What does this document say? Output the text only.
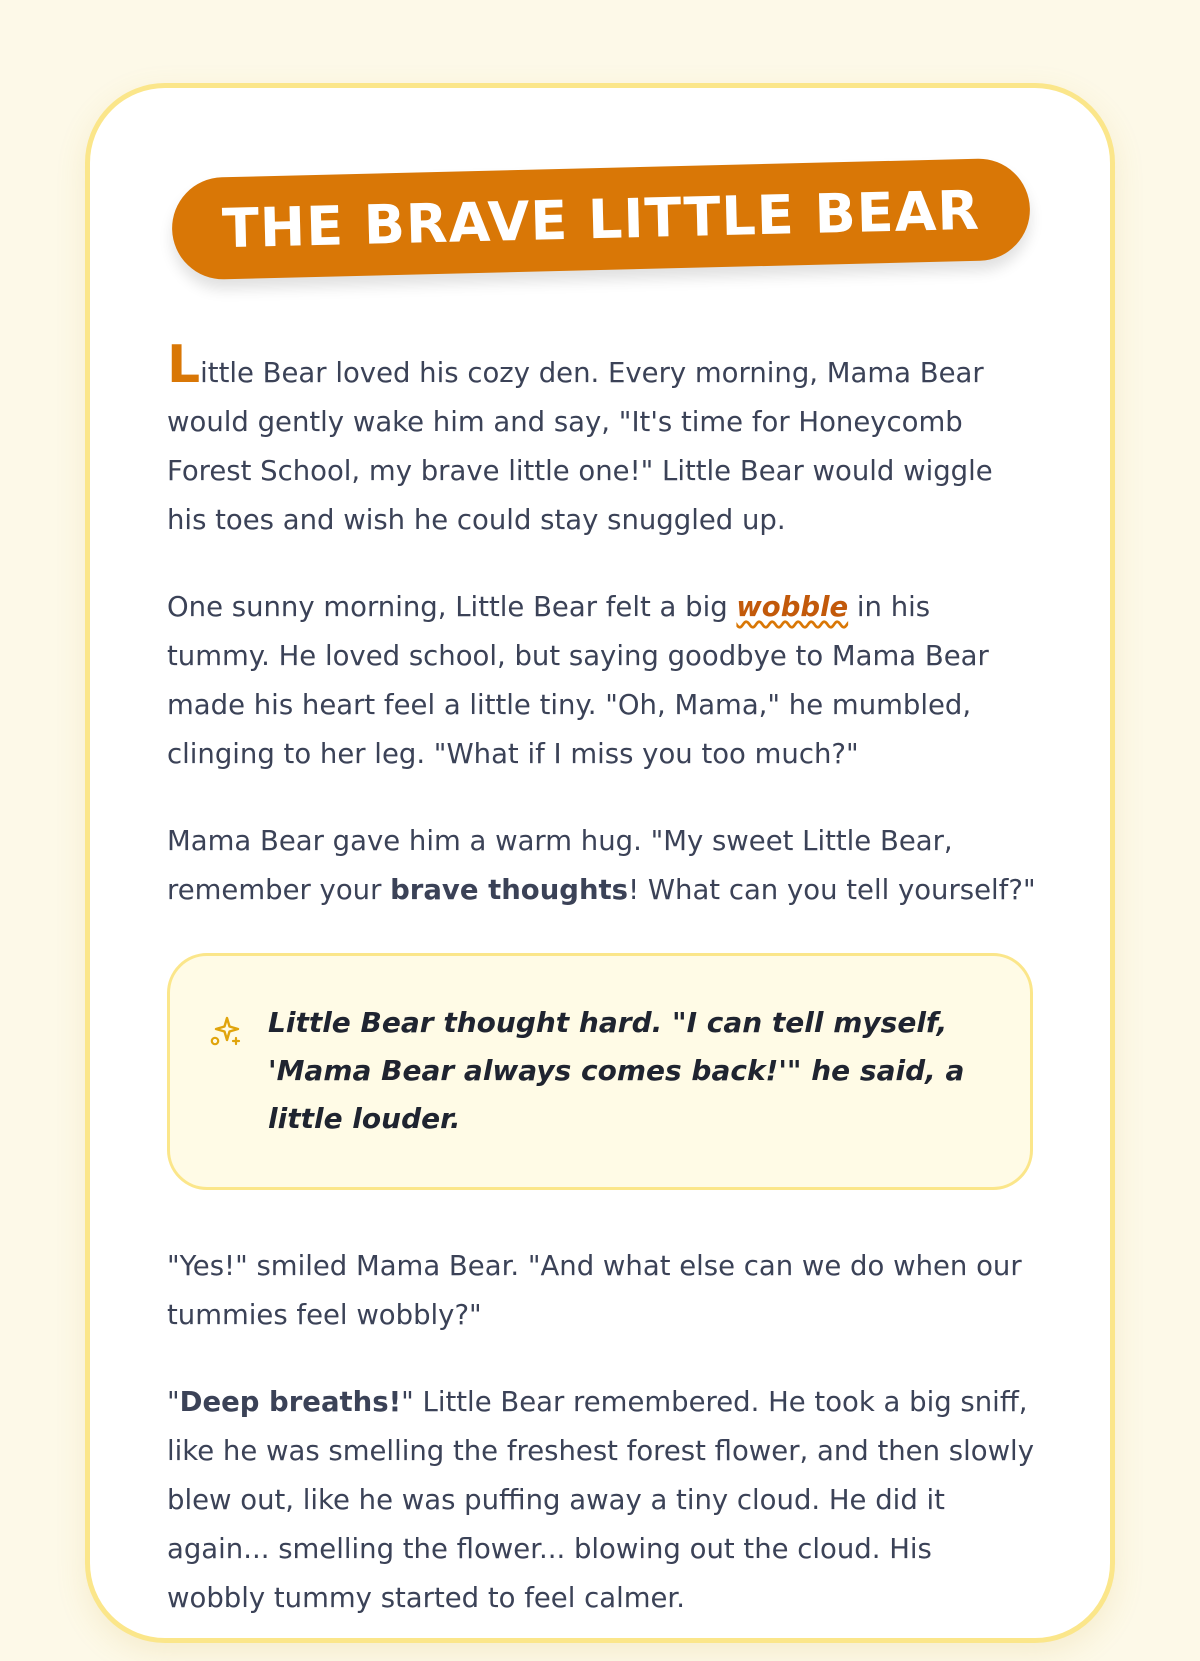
THE BRAVE LITTLE BEAR

Little Bear loved his cozy den. Every morning, Mama Bear would gently wake him and say, "It's time for Honeycomb Forest School, my brave little one!" Little Bear would wiggle his toes and wish he could stay snuggled up.

One sunny morning, Little Bear felt a big wobble in his tummy. He loved school, but saying goodbye to Mama Bear made his heart feel a little tiny. "Oh, Mama," he mumbled, clinging to her leg. "What if I miss you too much?"

Mama Bear gave him a warm hug. "My sweet Little Bear, remember your brave thoughts! What can you tell yourself?"

Little Bear thought hard. "I can tell myself, 'Mama Bear always comes back!'" he said, a little louder.

"Yes!" smiled Mama Bear. "And what else can we do when our tummies feel wobbly?"

"Deep breaths!" Little Bear remembered. He took a big sniff, like he was smelling the freshest forest flower, and then slowly blew out, like he was puffing away a tiny cloud. He did it again... smelling the flower... blowing out the cloud. His wobbly tummy started to feel calmer.
